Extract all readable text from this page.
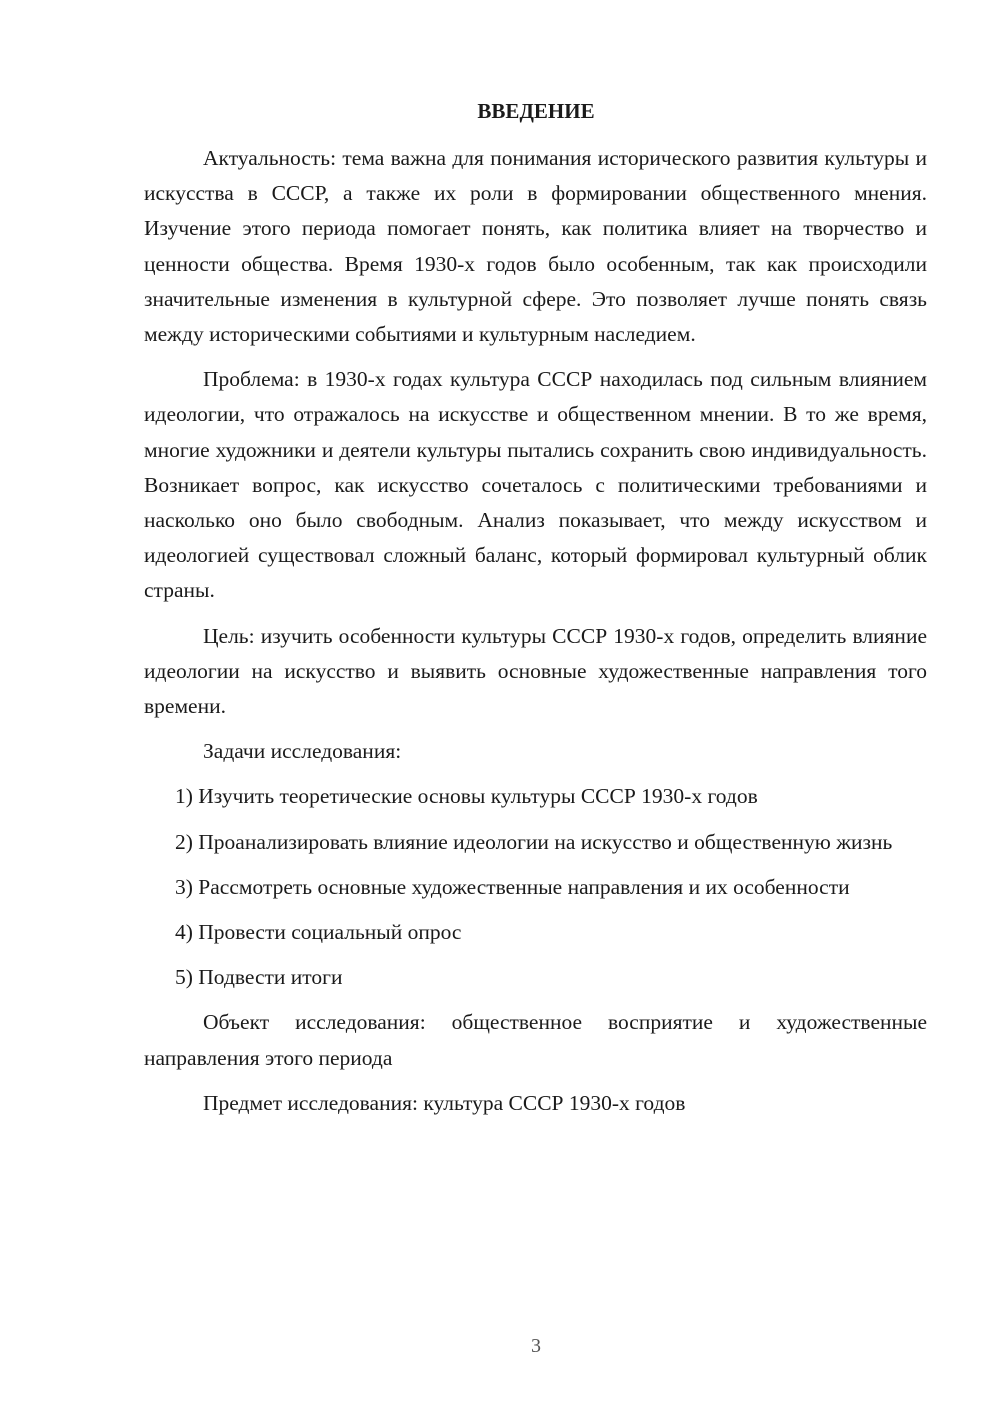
ВВЕДЕНИЕ

Актуальность: тема важна для понимания исторического развития культуры и искусства в СССР, а также их роли в формировании общественного мнения. Изучение этого периода помогает понять, как политика влияет на творчество и ценности общества. Время 1930-х годов было особенным, так как происходили значительные изменения в культурной сфере. Это позволяет лучше понять связь между историческими событиями и культурным наследием.

Проблема: в 1930-х годах культура СССР находилась под сильным влиянием идеологии, что отражалось на искусстве и общественном мнении. В то же время, многие художники и деятели культуры пытались сохранить свою индивидуальность. Возникает вопрос, как искусство сочеталось с политическими требованиями и насколько оно было свободным. Анализ показывает, что между искусством и идеологией существовал сложный баланс, который формировал культурный облик страны.

Цель: изучить особенности культуры СССР 1930-х годов, определить влияние идеологии на искусство и выявить основные художественные направления того времени.

Задачи исследования:

1) Изучить теоретические основы культуры СССР 1930-х годов

2) Проанализировать влияние идеологии на искусство и общественную жизнь

3) Рассмотреть основные художественные направления и их особенности

4) Провести социальный опрос

5) Подвести итоги

Объект исследования: общественное восприятие и художественные направления этого периода

Предмет исследования: культура СССР 1930-х годов

3
